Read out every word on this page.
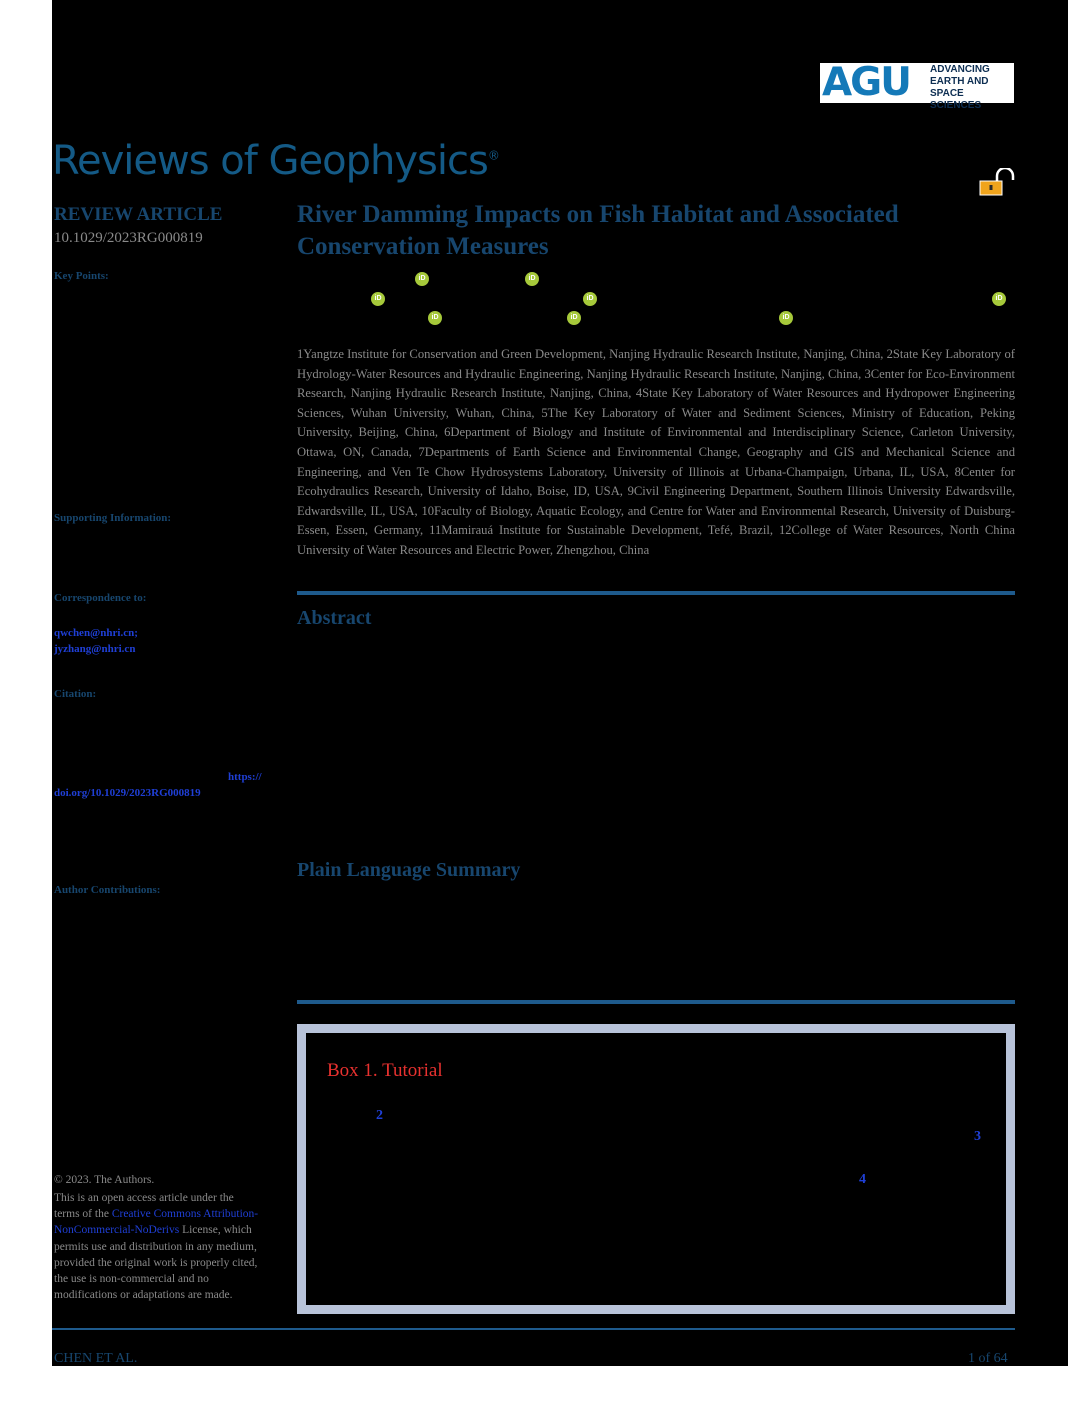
AGU ADVANCING
EARTH AND
SPACE SCIENCES
Reviews of Geophysics®
REVIEW ARTICLE
10.1029/2023RG000819
Key Points:
Supporting Information:
Correspondence to:
qwchen@nhri.cn;
jyzhang@nhri.cn
Citation:
https://
doi.org/10.1029/2023RG000819
Author Contributions:
© 2023. The Authors.
This is an open access article under the terms of the Creative Commons Attribution-NonCommercial-NoDerivs License, which permits use and distribution in any medium, provided the original work is properly cited, the use is non-commercial and no modifications or adaptations are made.
River Damming Impacts on Fish Habitat and Associated
Conservation Measures
iD	iD
iD	iD	iD
iD	iD	iD
1Yangtze Institute for Conservation and Green Development, Nanjing Hydraulic Research Institute, Nanjing, China, 2State Key Laboratory of Hydrology-Water Resources and Hydraulic Engineering, Nanjing Hydraulic Research Institute, Nanjing, China, 3Center for Eco-Environment Research, Nanjing Hydraulic Research Institute, Nanjing, China, 4State Key Laboratory of Water Resources and Hydropower Engineering Sciences, Wuhan University, Wuhan, China, 5The Key Laboratory of Water and Sediment Sciences, Ministry of Education, Peking University, Beijing, China, 6Department of Biology and Institute of Environmental and Interdisciplinary Science, Carleton University, Ottawa, ON, Canada, 7Departments of Earth Science and Environmental Change, Geography and GIS and Mechanical Science and Engineering, and Ven Te Chow Hydrosystems Laboratory, University of Illinois at Urbana-Champaign, Urbana, IL, USA, 8Center for Ecohydraulics Research, University of Idaho, Boise, ID, USA, 9Civil Engineering Department, Southern Illinois University Edwardsville, Edwardsville, IL, USA, 10Faculty of Biology, Aquatic Ecology, and Centre for Water and Environmental Research, University of Duisburg-Essen, Essen, Germany, 11Mamirauá Institute for Sustainable Development, Tefé, Brazil, 12College of Water Resources, North China University of Water Resources and Electric Power, Zhengzhou, China
Abstract
Plain Language Summary
Box 1. Tutorial
2
3
4
CHEN ET AL.	1 of 64
